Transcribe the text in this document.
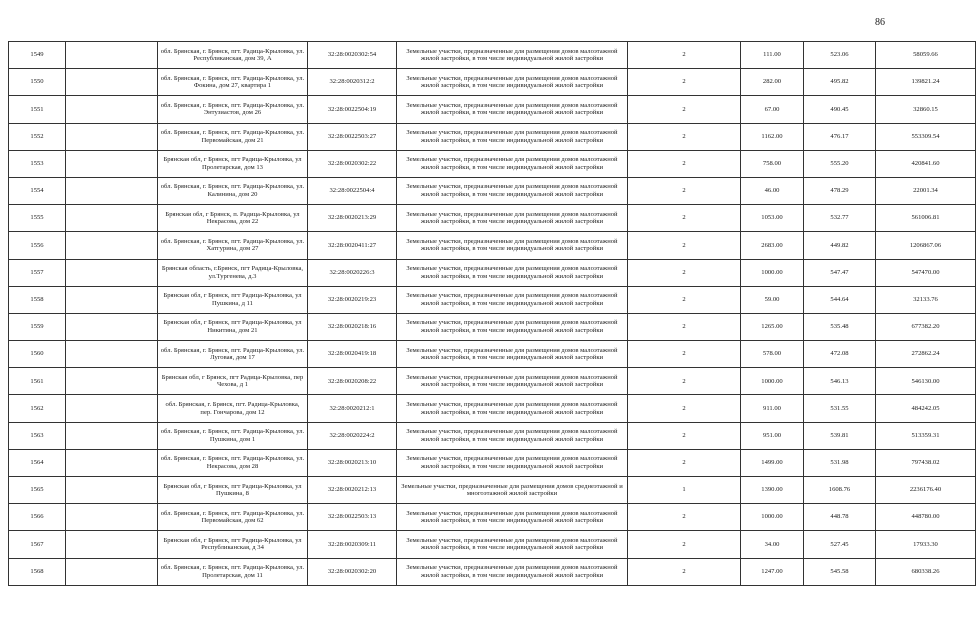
86
1549		обл. Брянская, г. Брянск, пгт. Радица-Крыловка, ул. Республиканская, дом 39, А	32:28:0020302:54	Земельные участки, предназначенные для размещения домов малоэтажной жилой застройки, в том числе индивидуальной жилой застройки	2	111.00	523.06	58059.66
1550		обл. Брянская, г. Брянск, пгт. Радица-Крыловка, ул. Фокина, дом 27, квартира 1	32:28:0020312:2	Земельные участки, предназначенные для размещения домов малоэтажной жилой застройки, в том числе индивидуальной жилой застройки	2	282.00	495.82	139821.24
1551		обл. Брянская, г. Брянск, пгт. Радица-Крыловка, ул. Энтузиастов, дом 26	32:28:0022504:19	Земельные участки, предназначенные для размещения домов малоэтажной жилой застройки, в том числе индивидуальной жилой застройки	2	67.00	490.45	32860.15
1552		обл. Брянская, г. Брянск, пгт. Радица-Крыловка, ул. Первомайская, дом 21	32:28:0022503:27	Земельные участки, предназначенные для размещения домов малоэтажной жилой застройки, в том числе индивидуальной жилой застройки	2	1162.00	476.17	553309.54
1553		Брянская обл, г Брянск, пгт Радица-Крыловка, ул Пролетарская, дом 13	32:28:0020302:22	Земельные участки, предназначенные для размещения домов малоэтажной жилой застройки, в том числе индивидуальной жилой застройки	2	758.00	555.20	420841.60
1554		обл. Брянская, г. Брянск, пгт. Радица-Крыловка, ул. Калинина, дом 20	32:28:0022504:4	Земельные участки, предназначенные для размещения домов малоэтажной жилой застройки, в том числе индивидуальной жилой застройки	2	46.00	478.29	22001.34
1555		Брянская обл, г Брянск, п. Радица-Крыловка, ул Некрасова, дом 22	32:28:0020213:29	Земельные участки, предназначенные для размещения домов малоэтажной жилой застройки, в том числе индивидуальной жилой застройки	2	1053.00	532.77	561006.81
1556		обл. Брянская, г. Брянск, пгт. Радица-Крыловка, ул. Хатгурина, дом 27	32:28:0020411:27	Земельные участки, предназначенные для размещения домов малоэтажной жилой застройки, в том числе индивидуальной жилой застройки	2	2683.00	449.82	1206867.06
1557		Брянская область, г.Брянск, пгт Радица-Крыловка, ул.Тургенева, д.3	32:28:0020226:3	Земельные участки, предназначенные для размещения домов малоэтажной жилой застройки, в том числе индивидуальной жилой застройки	2	1000.00	547.47	547470.00
1558		Брянская обл, г Брянск, пгт Радица-Крыловка, ул Пушкина, д 11	32:28:0020219:23	Земельные участки, предназначенные для размещения домов малоэтажной жилой застройки, в том числе индивидуальной жилой застройки	2	59.00	544.64	32133.76
1559		Брянская обл, г Брянск, пгт Радица-Крыловка, ул Никитина, дом 21	32:28:0020218:16	Земельные участки, предназначенные для размещения домов малоэтажной жилой застройки, в том числе индивидуальной жилой застройки	2	1265.00	535.48	677382.20
1560		обл. Брянская, г. Брянск, пгт. Радица-Крыловка, ул. Луговая, дом 17	32:28:0020419:18	Земельные участки, предназначенные для размещения домов малоэтажной жилой застройки, в том числе индивидуальной жилой застройки	2	578.00	472.08	272862.24
1561		Брянская обл, г Брянск, пгт Радица-Крыловка, пер Чехова, д 1	32:28:0020208:22	Земельные участки, предназначенные для размещения домов малоэтажной жилой застройки, в том числе индивидуальной жилой застройки	2	1000.00	546.13	546130.00
1562		обл. Брянская, г. Брянск, пгт. Радица-Крыловка, пер. Гончарова, дом 12	32:28:0020212:1	Земельные участки, предназначенные для размещения домов малоэтажной жилой застройки, в том числе индивидуальной жилой застройки	2	911.00	531.55	484242.05
1563		обл. Брянская, г. Брянск, пгт. Радица-Крыловка, ул. Пушкина, дом 1	32:28:0020224:2	Земельные участки, предназначенные для размещения домов малоэтажной жилой застройки, в том числе индивидуальной жилой застройки	2	951.00	539.81	513359.31
1564		обл. Брянская, г. Брянск, пгт. Радица-Крыловка, ул. Некрасова, дом 28	32:28:0020213:10	Земельные участки, предназначенные для размещения домов малоэтажной жилой застройки, в том числе индивидуальной жилой застройки	2	1499.00	531.98	797438.02
1565		Брянская обл, г Брянск, пгт Радица-Крыловка, ул Пушкина, 8	32:28:0020212:13	Земельные участки, предназначенные для размещения домов среднеэтажной и многоэтажной жилой застройки	1	1390.00	1608.76	2236176.40
1566		обл. Брянская, г. Брянск, пгт. Радица-Крыловка, ул. Первомайская, дом 62	32:28:0022503:13	Земельные участки, предназначенные для размещения домов малоэтажной жилой застройки, в том числе индивидуальной жилой застройки	2	1000.00	448.78	448780.00
1567		Брянская обл, г Брянск, пгт Радица-Крыловка, ул Республиканская, д 34	32:28:0020309:11	Земельные участки, предназначенные для размещения домов малоэтажной жилой застройки, в том числе индивидуальной жилой застройки	2	34.00	527.45	17933.30
1568		обл. Брянская, г. Брянск, пгт. Радица-Крыловка, ул. Пролетарская, дом 11	32:28:0020302:20	Земельные участки, предназначенные для размещения домов малоэтажной жилой застройки, в том числе индивидуальной жилой застройки	2	1247.00	545.58	680338.26
